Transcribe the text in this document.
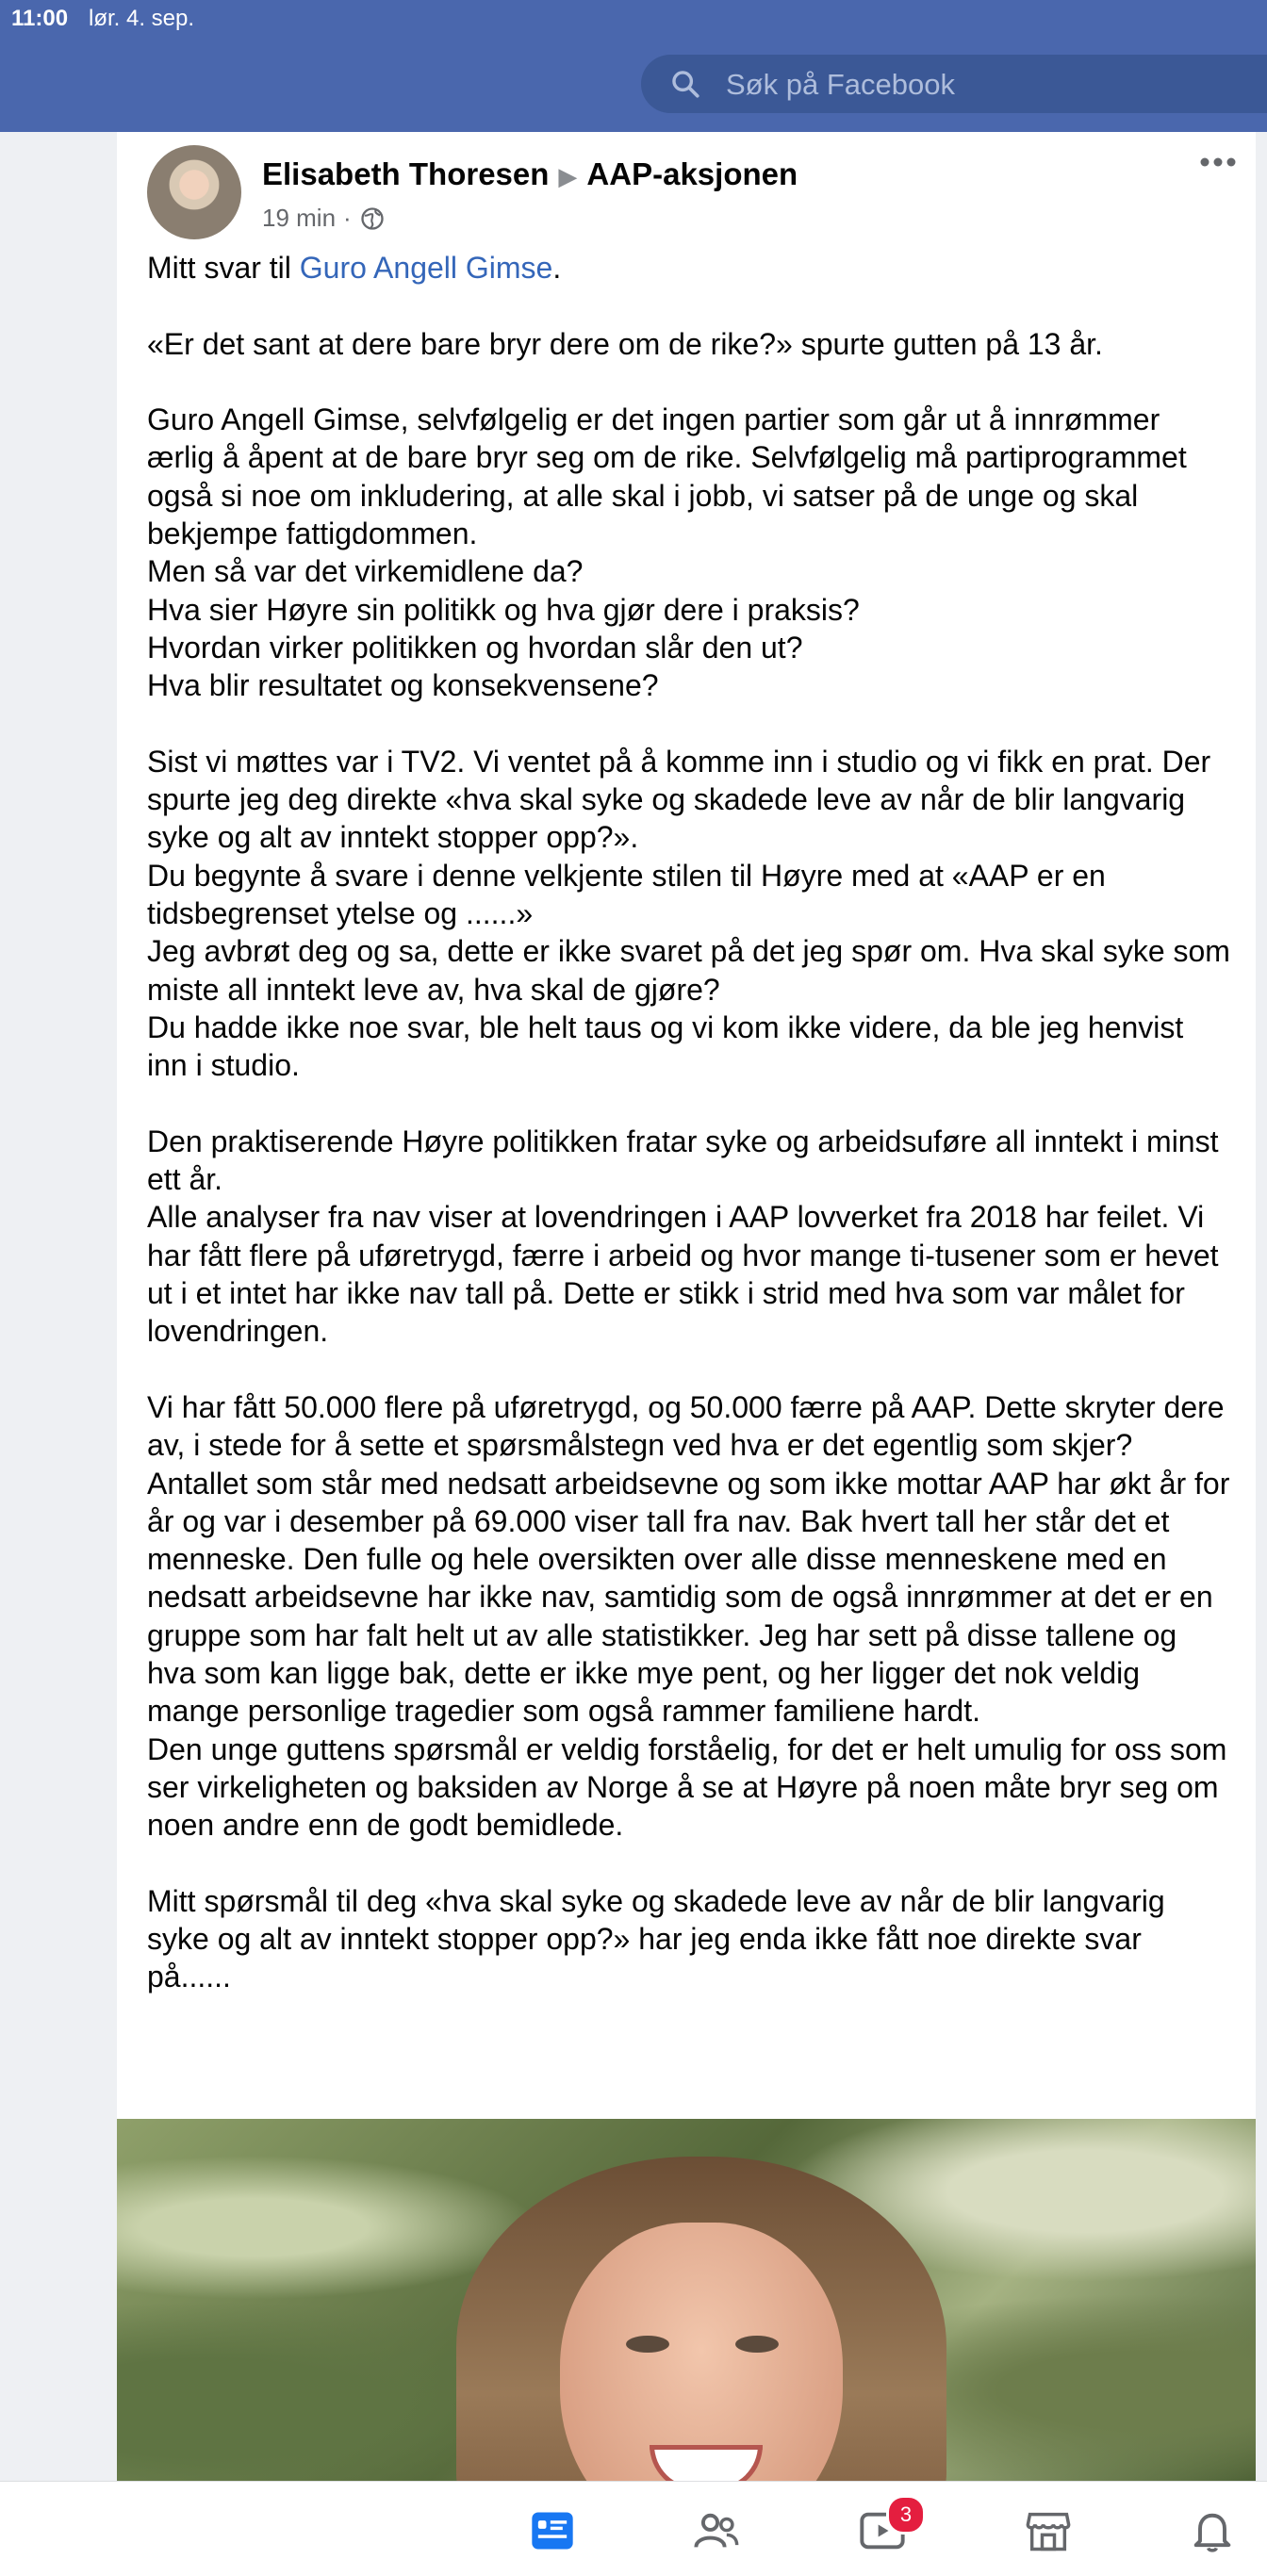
11:00 lør. 4. sep.
Søk på Facebook
Elisabeth Thoresen ▶ AAP-aksjonen
19 min ·

Mitt svar til Guro Angell Gimse.

«Er det sant at dere bare bryr dere om de rike?» spurte gutten på 13 år.

Guro Angell Gimse, selvfølgelig er det ingen partier som går ut å innrømmer ærlig å åpent at de bare bryr seg om de rike. Selvfølgelig må partiprogrammet også si noe om inkludering, at alle skal i jobb, vi satser på de unge og skal bekjempe fattigdommen.
Men så var det virkemidlene da?
Hva sier Høyre sin politikk og hva gjør dere i praksis?
Hvordan virker politikken og hvordan slår den ut?
Hva blir resultatet og konsekvensene?

Sist vi møttes var i TV2. Vi ventet på å komme inn i studio og vi fikk en prat. Der spurte jeg deg direkte «hva skal syke og skadede leve av når de blir langvarig syke og alt av inntekt stopper opp?».
Du begynte å svare i denne velkjente stilen til Høyre med at «AAP er en tidsbegrenset ytelse og ......»
Jeg avbrøt deg og sa, dette er ikke svaret på det jeg spør om. Hva skal syke som miste all inntekt leve av, hva skal de gjøre?
Du hadde ikke noe svar, ble helt taus og vi kom ikke videre, da ble jeg henvist inn i studio.

Den praktiserende Høyre politikken fratar syke og arbeidsuføre all inntekt i minst ett år.
Alle analyser fra nav viser at lovendringen i AAP lovverket fra 2018 har feilet. Vi har fått flere på uføretrygd, færre i arbeid og hvor mange ti-tusener som er hevet ut i et intet har ikke nav tall på. Dette er stikk i strid med hva som var målet for lovendringen.

Vi har fått 50.000 flere på uføretrygd, og 50.000 færre på AAP. Dette skryter dere av, i stede for å sette et spørsmålstegn ved hva er det egentlig som skjer?
Antallet som står med nedsatt arbeidsevne og som ikke mottar AAP har økt år for år og var i desember på 69.000 viser tall fra nav. Bak hvert tall her står det et menneske. Den fulle og hele oversikten over alle disse menneskene med en nedsatt arbeidsevne har ikke nav, samtidig som de også innrømmer at det er en gruppe som har falt helt ut av alle statistikker. Jeg har sett på disse tallene og hva som kan ligge bak, dette er ikke mye pent, og her ligger det nok veldig mange personlige tragedier som også rammer familiene hardt.
Den unge guttens spørsmål er veldig forståelig, for det er helt umulig for oss som ser virkeligheten og baksiden av Norge å se at Høyre på noen måte bryr seg om noen andre enn de godt bemidlede.

Mitt spørsmål til deg «hva skal syke og skadede leve av når de blir langvarig syke og alt av inntekt stopper opp?» har jeg enda ikke fått noe direkte svar på......

3
